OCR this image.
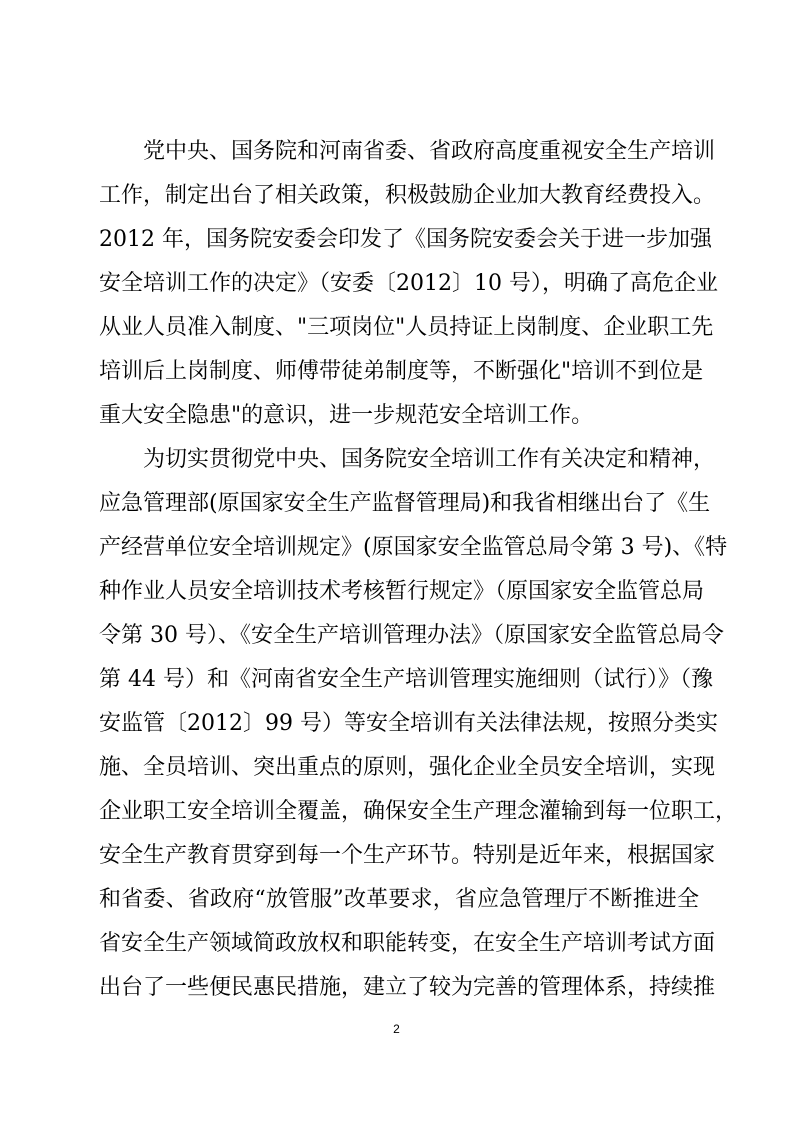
党中央、国务院和河南省委、省政府高度重视安全生产培训
工作，制定出台了相关政策，积极鼓励企业加大教育经费投入。
2012 年，国务院安委会印发了《国务院安委会关于进一步加强
安全培训工作的决定》（安委〔2012〕10 号），明确了高危企业
从业人员准入制度、"三项岗位"人员持证上岗制度、企业职工先
培训后上岗制度、师傅带徒弟制度等，不断强化"培训不到位是
重大安全隐患"的意识，进一步规范安全培训工作。
为切实贯彻党中央、国务院安全培训工作有关决定和精神，
应急管理部(原国家安全生产监督管理局)和我省相继出台了《生
产经营单位安全培训规定》(原国家安全监管总局令第 3 号)、《特
种作业人员安全培训技术考核暂行规定》（原国家安全监管总局
令第 30 号）、《安全生产培训管理办法》（原国家安全监管总局令
第 44 号）和《河南省安全生产培训管理实施细则（试行）》（豫
安监管〔2012〕99 号）等安全培训有关法律法规，按照分类实
施、全员培训、突出重点的原则，强化企业全员安全培训，实现
企业职工安全培训全覆盖，确保安全生产理念灌输到每一位职工，
安全生产教育贯穿到每一个生产环节。特别是近年来，根据国家
和省委、省政府“放管服”改革要求，省应急管理厅不断推进全
省安全生产领域简政放权和职能转变，在安全生产培训考试方面
出台了一些便民惠民措施，建立了较为完善的管理体系，持续推
2
